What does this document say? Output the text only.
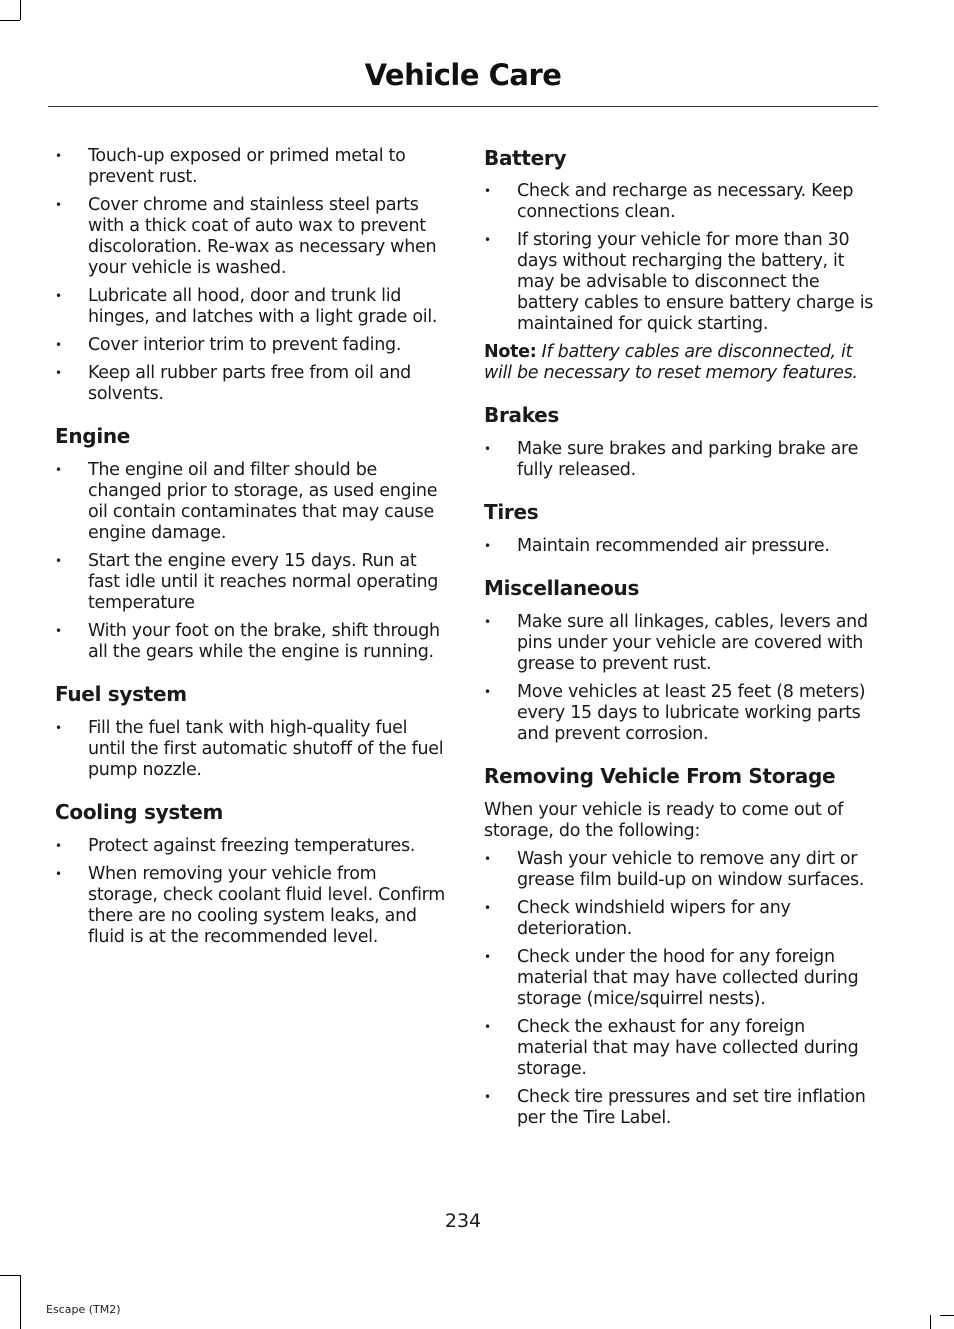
Vehicle Care
• Touch-up exposed or primed metal to prevent rust.
• Cover chrome and stainless steel parts with a thick coat of auto wax to prevent discoloration. Re-wax as necessary when your vehicle is washed.
• Lubricate all hood, door and trunk lid hinges, and latches with a light grade oil.
• Cover interior trim to prevent fading.
• Keep all rubber parts free from oil and solvents.
Engine
• The engine oil and filter should be changed prior to storage, as used engine oil contain contaminates that may cause engine damage.
• Start the engine every 15 days. Run at fast idle until it reaches normal operating temperature
• With your foot on the brake, shift through all the gears while the engine is running.
Fuel system
• Fill the fuel tank with high-quality fuel until the first automatic shutoff of the fuel pump nozzle.
Cooling system
• Protect against freezing temperatures.
• When removing your vehicle from storage, check coolant fluid level. Confirm there are no cooling system leaks, and fluid is at the recommended level.
Battery
• Check and recharge as necessary. Keep connections clean.
• If storing your vehicle for more than 30 days without recharging the battery, it may be advisable to disconnect the battery cables to ensure battery charge is maintained for quick starting.

Note: If battery cables are disconnected, it will be necessary to reset memory features.

Brakes
• Make sure brakes and parking brake are fully released.
Tires
• Maintain recommended air pressure.
Miscellaneous
• Make sure all linkages, cables, levers and pins under your vehicle are covered with grease to prevent rust.
• Move vehicles at least 25 feet (8 meters) every 15 days to lubricate working parts and prevent corrosion.
Removing Vehicle From Storage

When your vehicle is ready to come out of storage, do the following:

• Wash your vehicle to remove any dirt or grease film build-up on window surfaces.
• Check windshield wipers for any deterioration.
• Check under the hood for any foreign material that may have collected during storage (mice/squirrel nests).
• Check the exhaust for any foreign material that may have collected during storage.
• Check tire pressures and set tire inflation per the Tire Label.
234
Escape (TM2)
